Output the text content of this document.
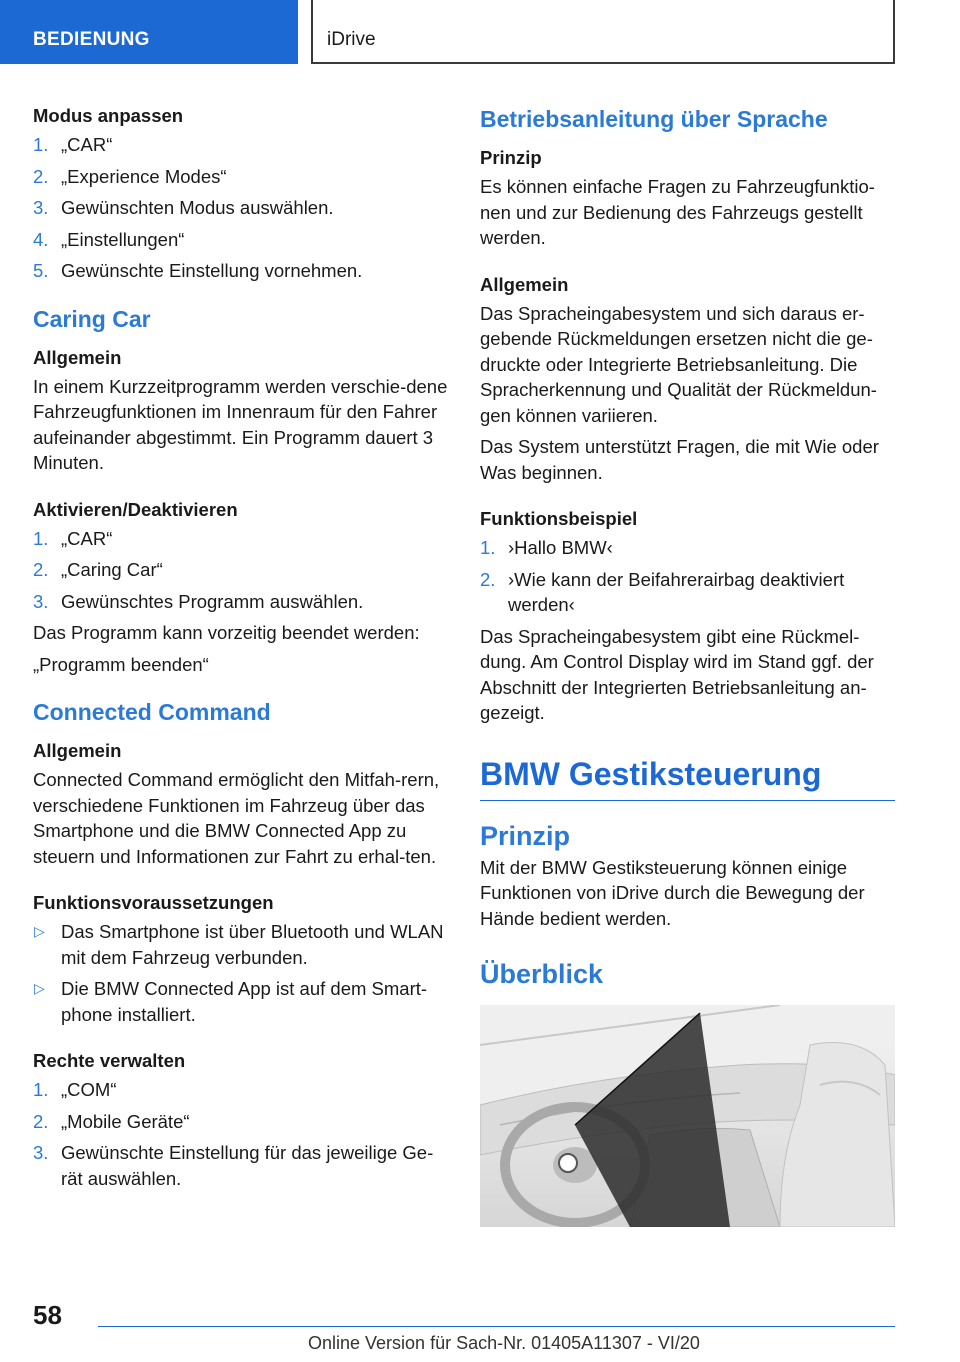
BEDIENUNG	iDrive
Modus anpassen
1. „CAR“
2. „Experience Modes“
3. Gewünschten Modus auswählen.
4. „Einstellungen“
5. Gewünschte Einstellung vornehmen.
Caring Car
Allgemein

In einem Kurzzeitprogramm werden verschie-dene Fahrzeugfunktionen im Innenraum für den Fahrer aufeinander abgestimmt. Ein Programm dauert 3 Minuten.

Aktivieren/Deaktivieren
1. „CAR“
2. „Caring Car“
3. Gewünschtes Programm auswählen.

Das Programm kann vorzeitig beendet werden:

„Programm beenden“

Connected Command
Allgemein

Connected Command ermöglicht den Mitfah-rern, verschiedene Funktionen im Fahrzeug über das Smartphone und die BMW Connected App zu steuern und Informationen zur Fahrt zu erhal-ten.

Funktionsvoraussetzungen
▷ Das Smartphone ist über Bluetooth und WLAN mit dem Fahrzeug verbunden.
▷ Die BMW Connected App ist auf dem Smart-phone installiert.
Rechte verwalten
1. „COM“
2. „Mobile Geräte“
3. Gewünschte Einstellung für das jeweilige Ge-rät auswählen.
Betriebsanleitung über Sprache
Prinzip

Es können einfache Fragen zu Fahrzeugfunktio-nen und zur Bedienung des Fahrzeugs gestellt werden.

Allgemein

Das Spracheingabesystem und sich daraus er-gebende Rückmeldungen ersetzen nicht die ge-druckte oder Integrierte Betriebsanleitung. Die Spracherkennung und Qualität der Rückmeldun-gen können variieren.

Das System unterstützt Fragen, die mit Wie oder Was beginnen.

Funktionsbeispiel
1. ›Hallo BMW‹
2. ›Wie kann der Beifahrerairbag deaktiviert werden‹

Das Spracheingabesystem gibt eine Rückmel-dung. Am Control Display wird im Stand ggf. der Abschnitt der Integrierten Betriebsanleitung an-gezeigt.

BMW Gestiksteuerung
Prinzip

Mit der BMW Gestiksteuerung können einige Funktionen von iDrive durch die Bewegung der Hände bedient werden.

Überblick
58
Online Version für Sach-Nr. 01405A11307 - VI/20
